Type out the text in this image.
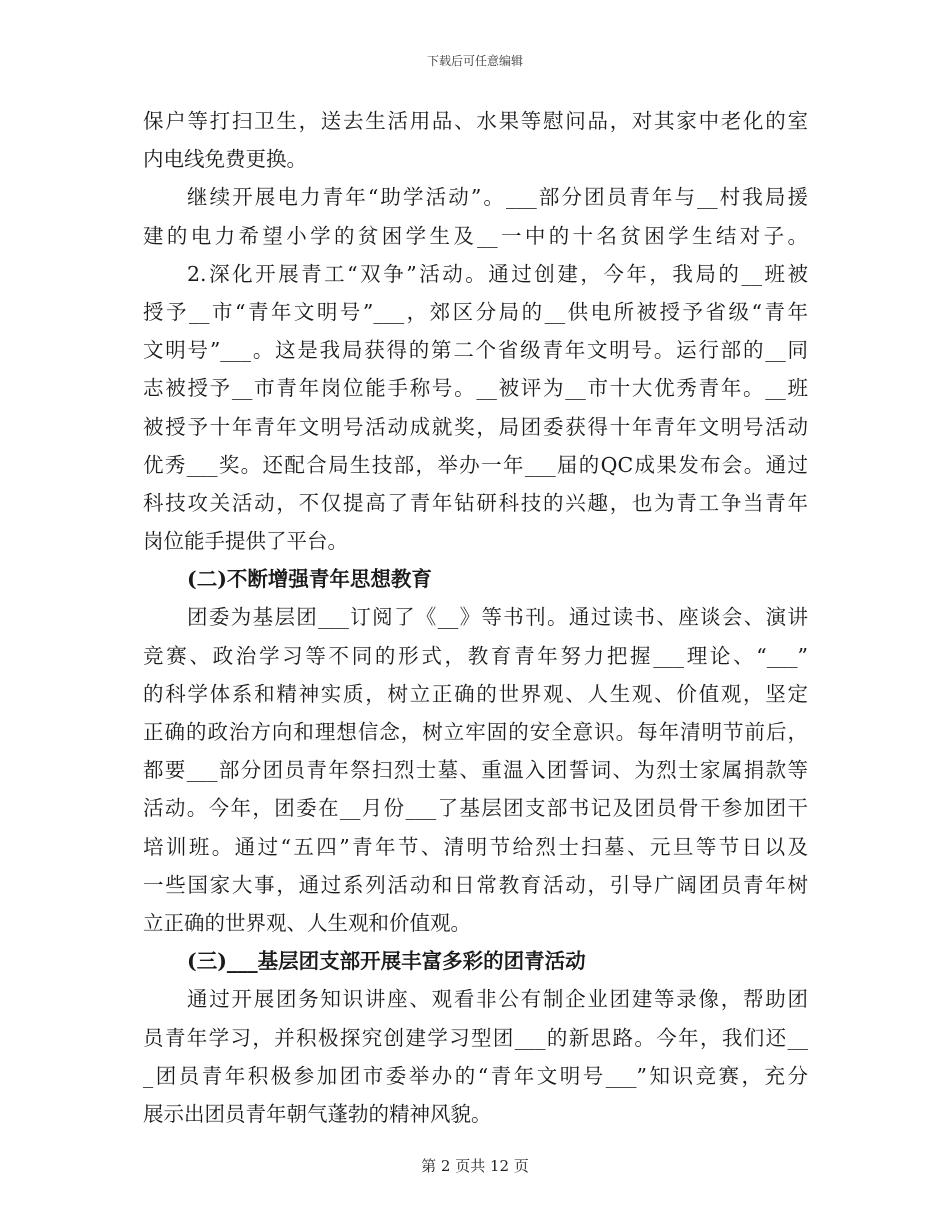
下载后可任意编辑
保户等打扫卫生，送去生活用品、水果等慰问品，对其家中老化的室
内电线免费更换。
继续开展电力青年“助学活动”。___部分团员青年与__村我局援
建的电力希望小学的贫困学生及__一中的十名贫困学生结对子。
2.深化开展青工“双争”活动。通过创建，今年，我局的__班被
授予__市“青年文明号”___，郊区分局的__供电所被授予省级“青年
文明号”___。这是我局获得的第二个省级青年文明号。运行部的__同
志被授予__市青年岗位能手称号。__被评为__市十大优秀青年。__班
被授予十年青年文明号活动成就奖，局团委获得十年青年文明号活动
优秀___奖。还配合局生技部，举办一年___届的QC成果发布会。通过
科技攻关活动，不仅提高了青年钻研科技的兴趣，也为青工争当青年
岗位能手提供了平台。
(二)不断增强青年思想教育
团委为基层团___订阅了《__》等书刊。通过读书、座谈会、演讲
竞赛、政治学习等不同的形式，教育青年努力把握___理论、“___”
的科学体系和精神实质，树立正确的世界观、人生观、价值观，坚定
正确的政治方向和理想信念，树立牢固的安全意识。每年清明节前后，
都要___部分团员青年祭扫烈士墓、重温入团誓词、为烈士家属捐款等
活动。今年，团委在__月份___了基层团支部书记及团员骨干参加团干
培训班。通过“五四”青年节、清明节给烈士扫墓、元旦等节日以及
一些国家大事，通过系列活动和日常教育活动，引导广阔团员青年树
立正确的世界观、人生观和价值观。
(三)___基层团支部开展丰富多彩的团青活动
通过开展团务知识讲座、观看非公有制企业团建等录像，帮助团
员青年学习，并积极探究创建学习型团___的新思路。今年，我们还__
_团员青年积极参加团市委举办的“青年文明号___”知识竞赛，充分
展示出团员青年朝气蓬勃的精神风貌。
第 2 页共 12 页
